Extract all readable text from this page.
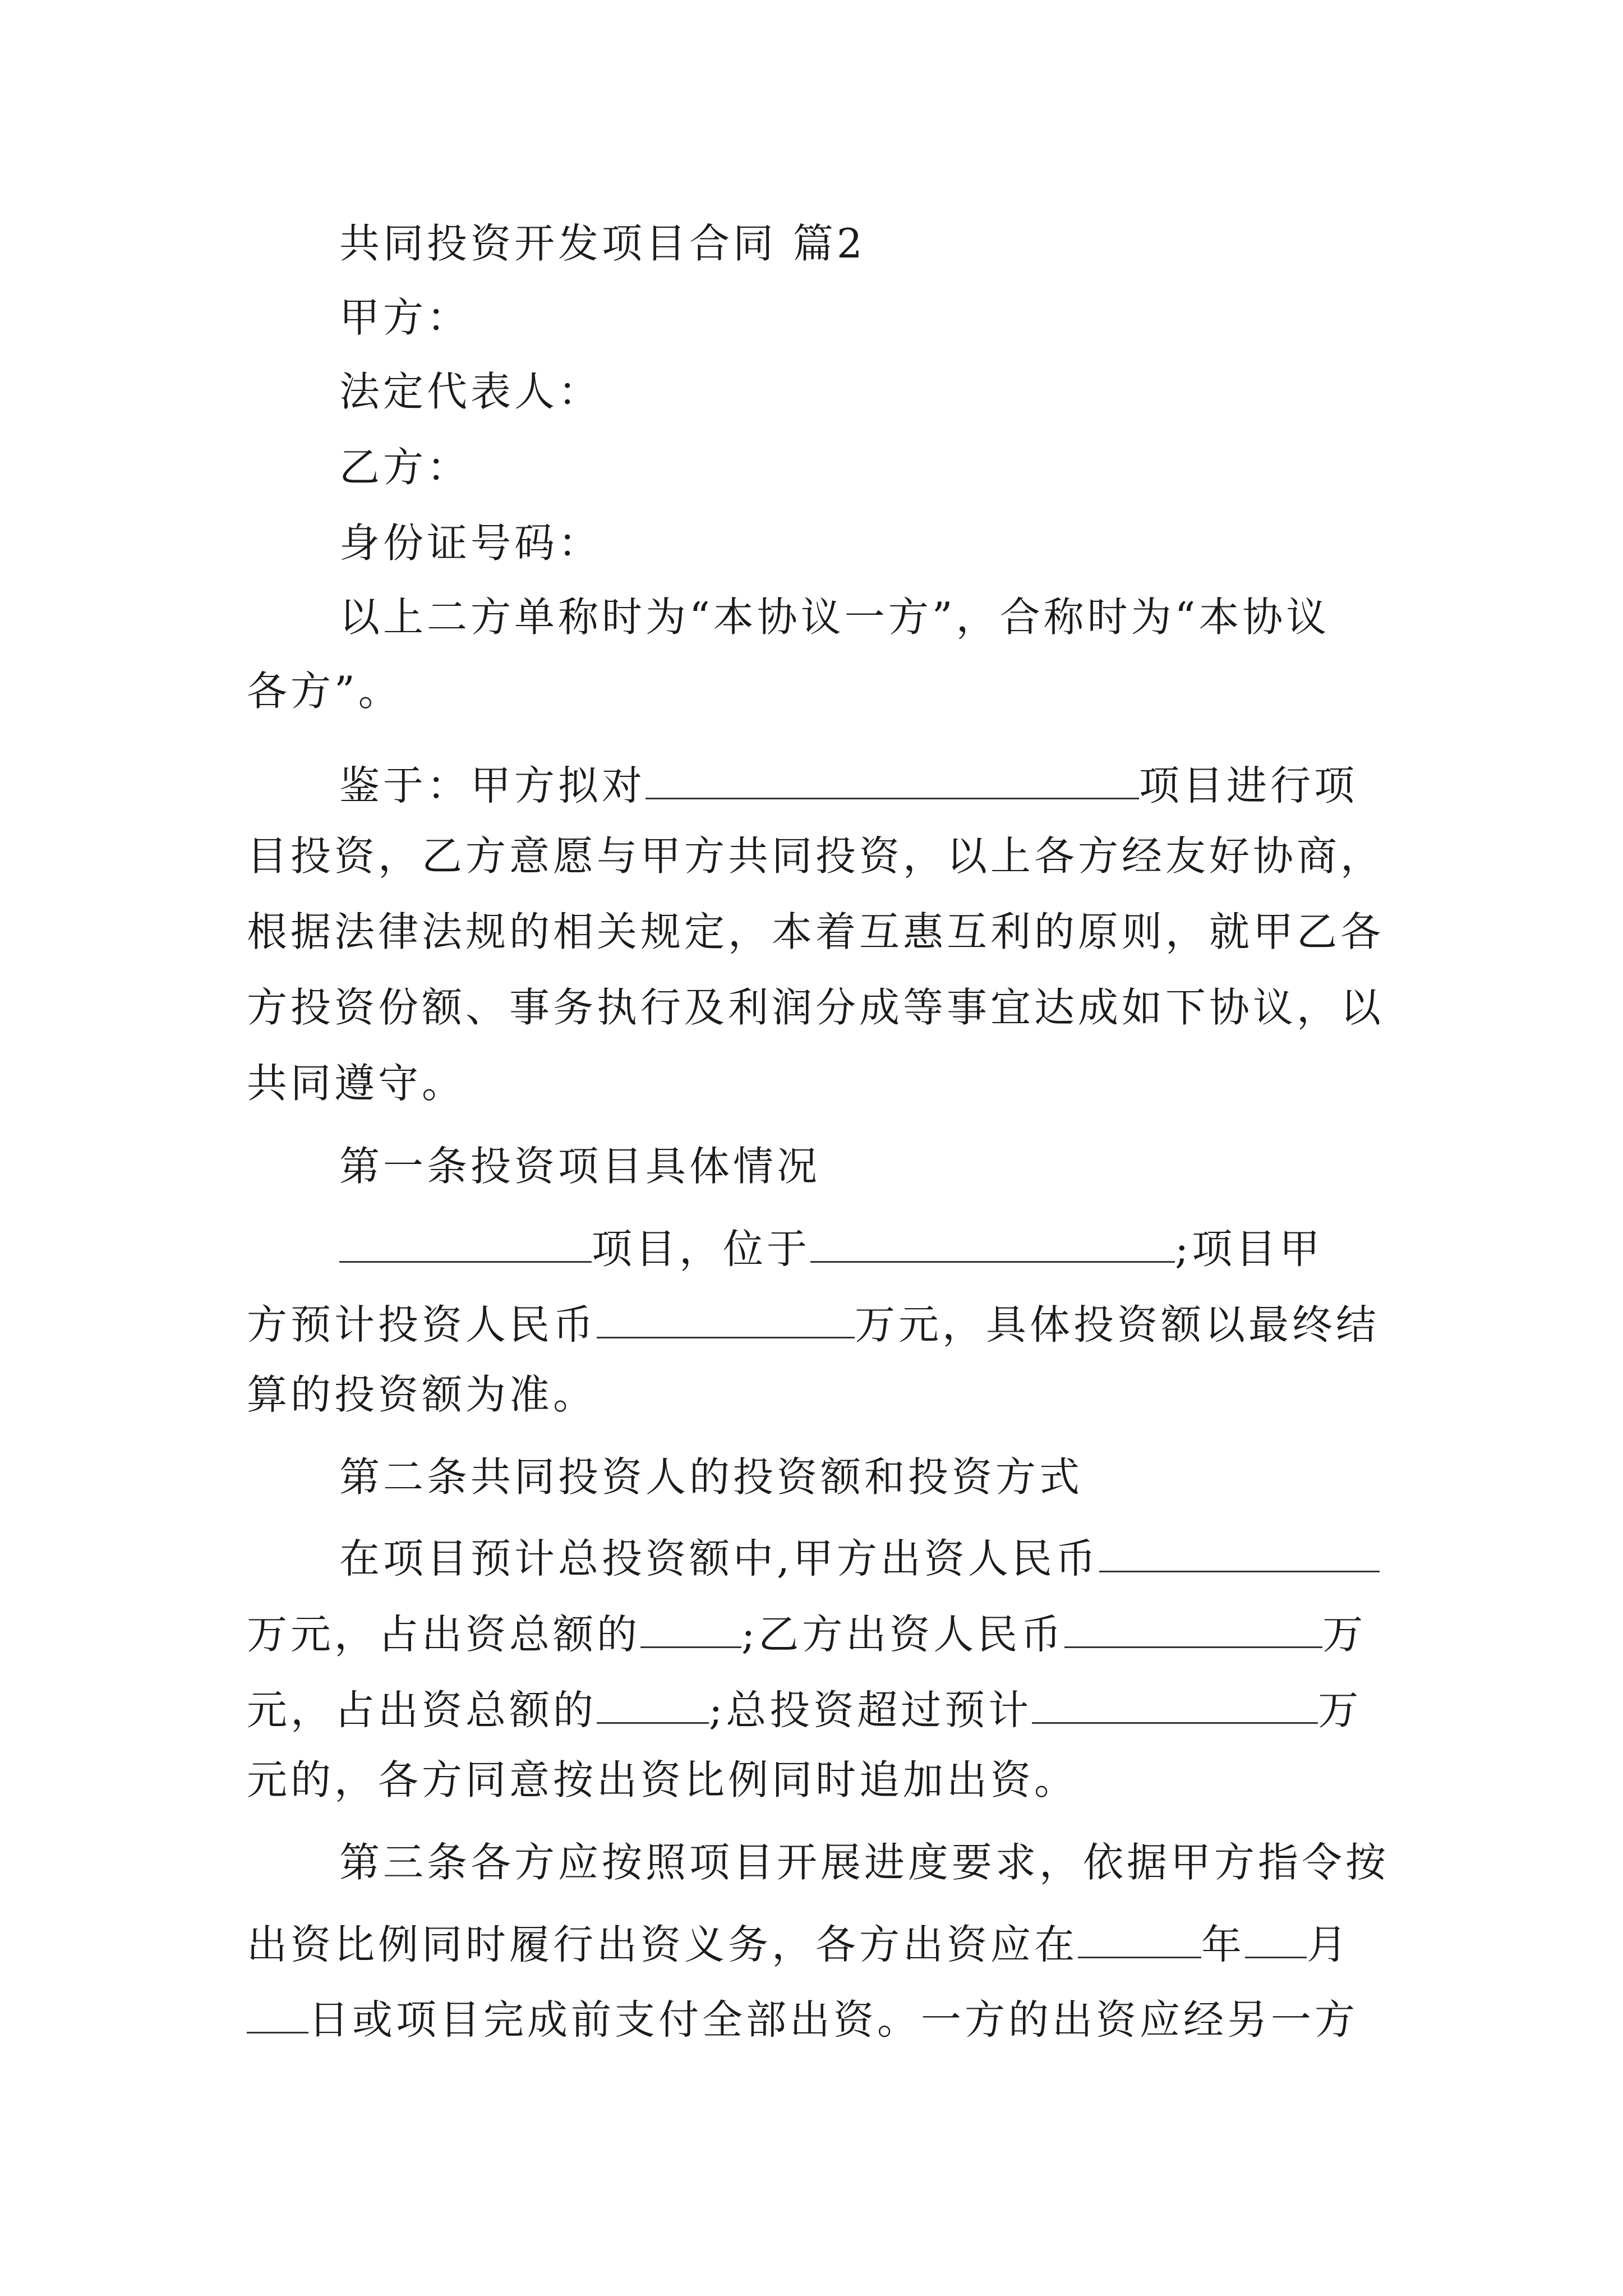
共同投资开发项目合同 篇2
甲方：
法定代表人：
乙方：
身份证号码：
以上二方单称时为“本协议一方”，合称时为“本协议
各方”。
鉴于：甲方拟对	项目进行项
目投资，乙方意愿与甲方共同投资，以上各方经友好协商，
根据法律法规的相关规定，本着互惠互利的原则，就甲乙各
方投资份额、事务执行及利润分成等事宜达成如下协议，以
共同遵守。
第一条投资项目具体情况
项目，位于	;项目甲
方预计投资人民币	万元，具体投资额以最终结
算的投资额为准。
第二条共同投资人的投资额和投资方式
在项目预计总投资额中,甲方出资人民币
万元，占出资总额的	;乙方出资人民币	万
元，占出资总额的	;总投资超过预计	万
元的，各方同意按出资比例同时追加出资。
第三条各方应按照项目开展进度要求，依据甲方指令按
出资比例同时履行出资义务，各方出资应在	年 月
日或项目完成前支付全部出资。一方的出资应经另一方
